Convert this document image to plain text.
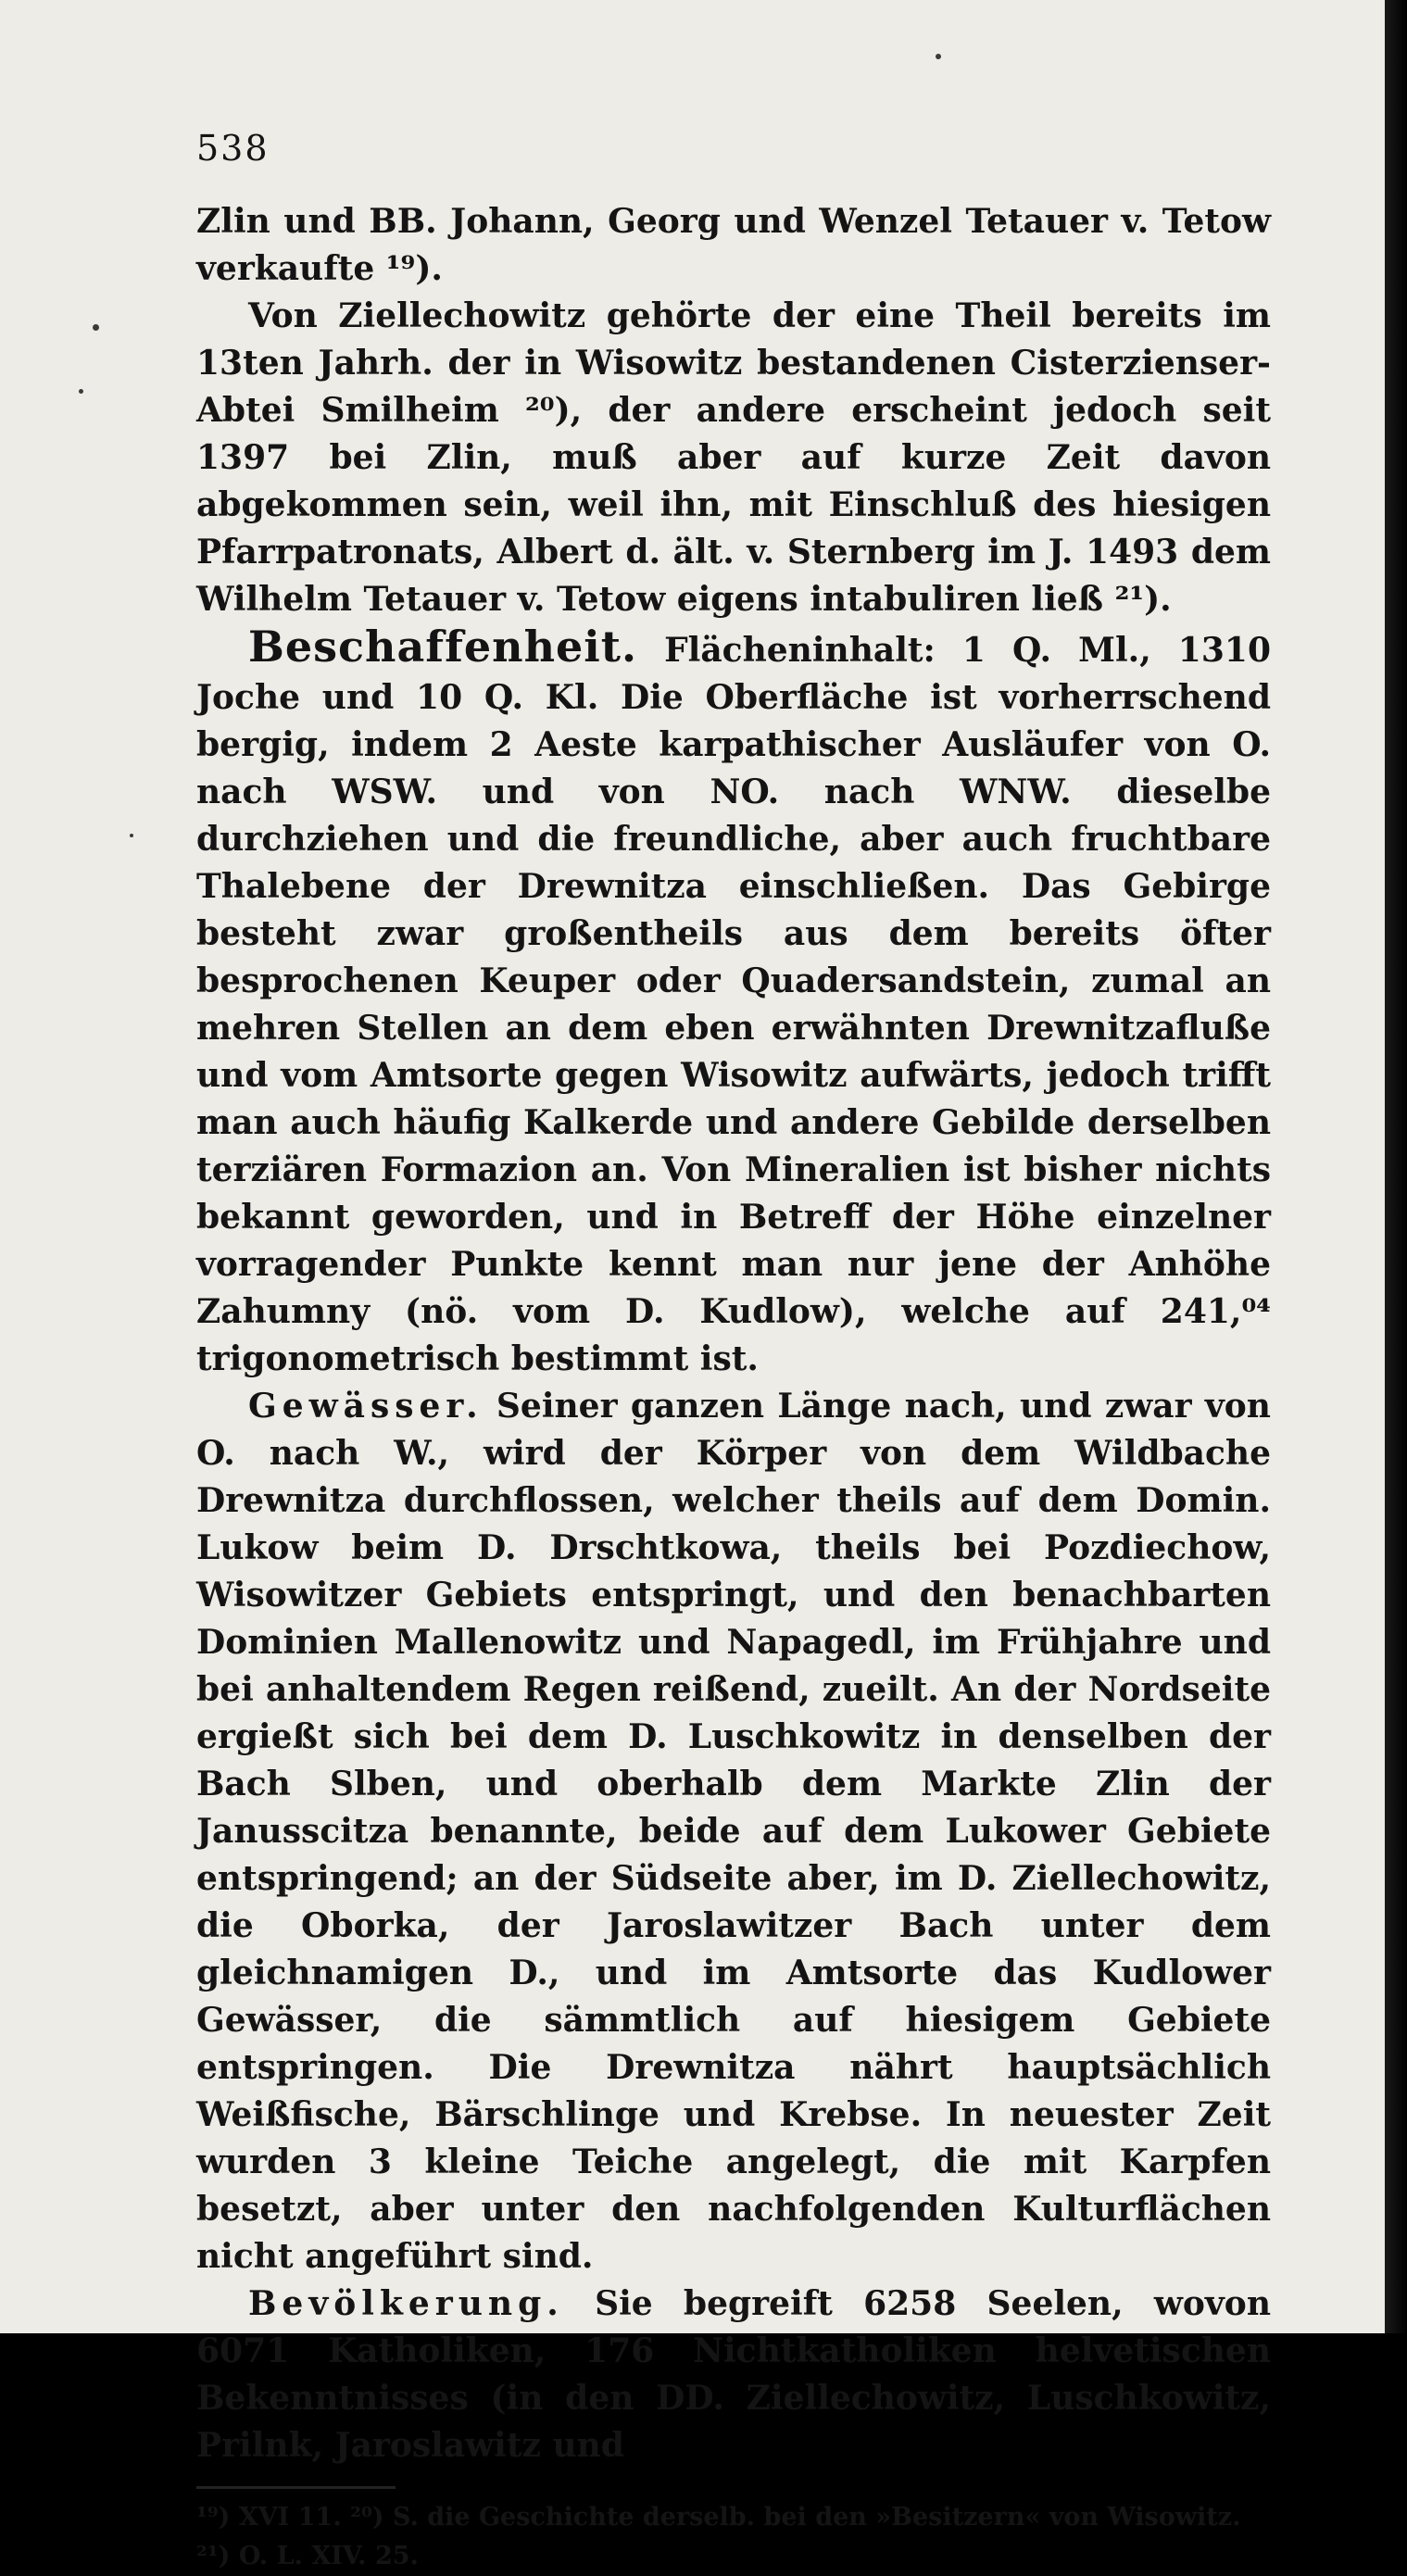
538

Zlin und BB. Johann, Georg und Wenzel Tetauer v. Tetow verkaufte ¹⁹).

Von Ziellechowitz gehörte der eine Theil bereits im 13ten Jahrh. der in Wisowitz bestandenen Cisterzienser-Abtei Smilheim ²⁰), der andere erscheint jedoch seit 1397 bei Zlin, muß aber auf kurze Zeit davon abgekommen sein, weil ihn, mit Einschluß des hiesigen Pfarrpatronats, Albert d. ält. v. Sternberg im J. 1493 dem Wilhelm Tetauer v. Tetow eigens intabuliren ließ ²¹).

Beschaffenheit. Flächeninhalt: 1 Q. Ml., 1310 Joche und 10 Q. Kl. Die Oberfläche ist vorherrschend bergig, indem 2 Aeste karpathischer Ausläufer von O. nach WSW. und von NO. nach WNW. dieselbe durchziehen und die freundliche, aber auch fruchtbare Thalebene der Drewnitza einschließen. Das Gebirge besteht zwar großentheils aus dem bereits öfter besprochenen Keuper oder Quadersandstein, zumal an mehren Stellen an dem eben erwähnten Drewnitzafluße und vom Amtsorte gegen Wisowitz aufwärts, jedoch trifft man auch häufig Kalkerde und andere Gebilde derselben terziären Formazion an. Von Mineralien ist bisher nichts bekannt geworden, und in Betreff der Höhe einzelner vorragender Punkte kennt man nur jene der Anhöhe Zahumny (nö. vom D. Kudlow), welche auf 241,⁰⁴ trigonometrisch bestimmt ist.

Gewässer. Seiner ganzen Länge nach, und zwar von O. nach W., wird der Körper von dem Wildbache Drewnitza durchflossen, welcher theils auf dem Domin. Lukow beim D. Drschtkowa, theils bei Pozdiechow, Wisowitzer Gebiets entspringt, und den benachbarten Dominien Mallenowitz und Napagedl, im Frühjahre und bei anhaltendem Regen reißend, zueilt. An der Nordseite ergießt sich bei dem D. Luschkowitz in denselben der Bach Slben, und oberhalb dem Markte Zlin der Janusscitza benannte, beide auf dem Lukower Gebiete entspringend; an der Südseite aber, im D. Ziellechowitz, die Oborka, der Jaroslawitzer Bach unter dem gleichnamigen D., und im Amtsorte das Kudlower Gewässer, die sämmtlich auf hiesigem Gebiete entspringen. Die Drewnitza nährt hauptsächlich Weißfische, Bärschlinge und Krebse. In neuester Zeit wurden 3 kleine Teiche angelegt, die mit Karpfen besetzt, aber unter den nachfolgenden Kulturflächen nicht angeführt sind.

Bevölkerung. Sie begreift 6258 Seelen, wovon 6071 Katholiken, 176 Nichtkatholiken helvetischen Bekenntnisses (in den DD. Ziellechowitz, Luschkowitz, Prilnk, Jaroslawitz und

¹⁹) XVI 11. ²⁰) S. die Geschichte derselb. bei den »Besitzern« von Wisowitz. ²¹) O. L. XIV. 25.
